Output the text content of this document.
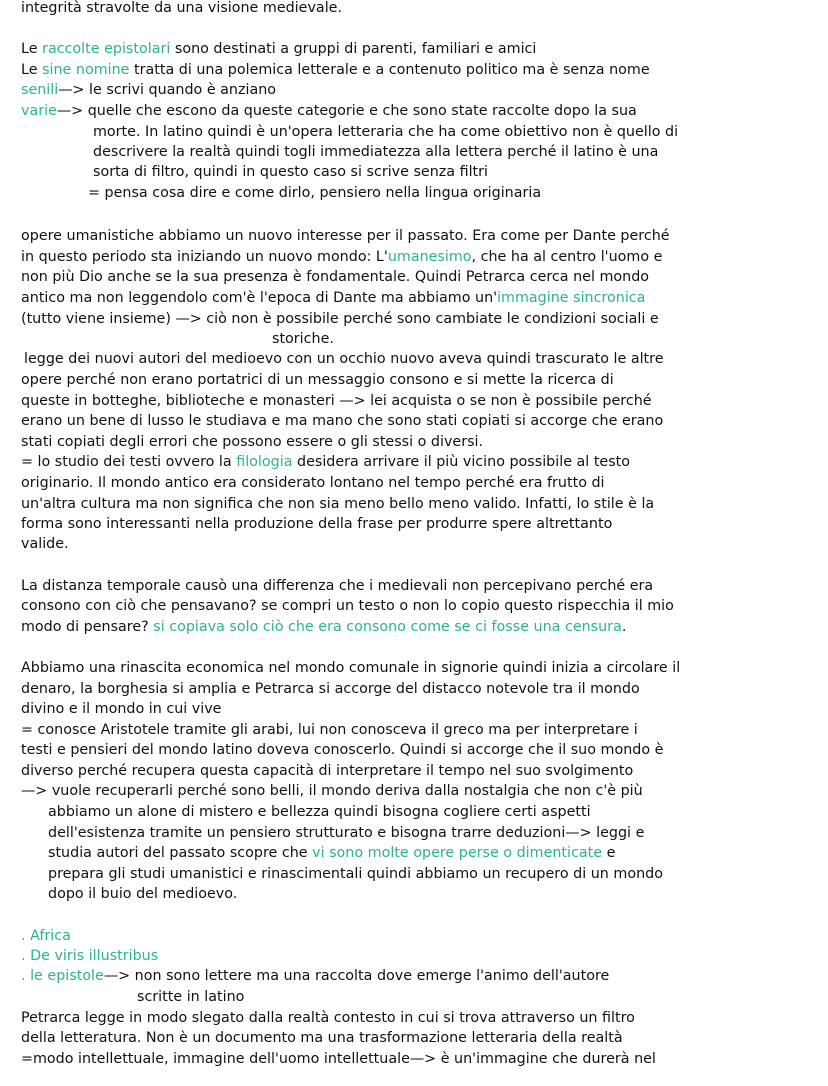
integrità stravolte da una visione medievale.
Le raccolte epistolari sono destinati a gruppi di parenti, familiari e amici
Le sine nomine tratta di una polemica letterale e a contenuto politico ma è senza nome
senili—> le scrivi quando è anziano
varie—> quelle che escono da queste categorie e che sono state raccolte dopo la sua
morte. In latino quindi è un'opera letteraria che ha come obiettivo non è quello di
descrivere la realtà quindi togli immediatezza alla lettera perché il latino è una
sorta di filtro, quindi in questo caso si scrive senza filtri
= pensa cosa dire e come dirlo, pensiero nella lingua originaria
opere umanistiche abbiamo un nuovo interesse per il passato. Era come per Dante perché
in questo periodo sta iniziando un nuovo mondo: L'umanesimo, che ha al centro l'uomo e
non più Dio anche se la sua presenza è fondamentale. Quindi Petrarca cerca nel mondo
antico ma non leggendolo com'è l'epoca di Dante ma abbiamo un'immagine sincronica
(tutto viene insieme) —> ciò non è possibile perché sono cambiate le condizioni sociali e
storiche.
legge dei nuovi autori del medioevo con un occhio nuovo aveva quindi trascurato le altre
opere perché non erano portatrici di un messaggio consono e si mette la ricerca di
queste in botteghe, biblioteche e monasteri —> lei acquista o se non è possibile perché
erano un bene di lusso le studiava e ma mano che sono stati copiati si accorge che erano
stati copiati degli errori che possono essere o gli stessi o diversi.
= lo studio dei testi ovvero la filologia desidera arrivare il più vicino possibile al testo
originario. Il mondo antico era considerato lontano nel tempo perché era frutto di
un'altra cultura ma non significa che non sia meno bello meno valido. Infatti, lo stile è la
forma sono interessanti nella produzione della frase per produrre spere altrettanto
valide.
La distanza temporale causò una differenza che i medievali non percepivano perché era
consono con ciò che pensavano? se compri un testo o non lo copio questo rispecchia il mio
modo di pensare? si copiava solo ciò che era consono come se ci fosse una censura.
Abbiamo una rinascita economica nel mondo comunale in signorie quindi inizia a circolare il
denaro, la borghesia si amplia e Petrarca si accorge del distacco notevole tra il mondo
divino e il mondo in cui vive
= conosce Aristotele tramite gli arabi, lui non conosceva il greco ma per interpretare i
testi e pensieri del mondo latino doveva conoscerlo. Quindi si accorge che il suo mondo è
diverso perché recupera questa capacità di interpretare il tempo nel suo svolgimento
—> vuole recuperarli perché sono belli, il mondo deriva dalla nostalgia che non c'è più
abbiamo un alone di mistero e bellezza quindi bisogna cogliere certi aspetti
dell'esistenza tramite un pensiero strutturato e bisogna trarre deduzioni—> leggi e
studia autori del passato scopre che vi sono molte opere perse o dimenticate e
prepara gli studi umanistici e rinascimentali quindi abbiamo un recupero di un mondo
dopo il buio del medioevo.
. Africa
. De viris illustribus
. le epistole—> non sono lettere ma una raccolta dove emerge l'animo dell'autore
scritte in latino
Petrarca legge in modo slegato dalla realtà contesto in cui si trova attraverso un filtro
della letteratura. Non è un documento ma una trasformazione letteraria della realtà
=modo intellettuale, immagine dell'uomo intellettuale—> è un'immagine che durerà nel
